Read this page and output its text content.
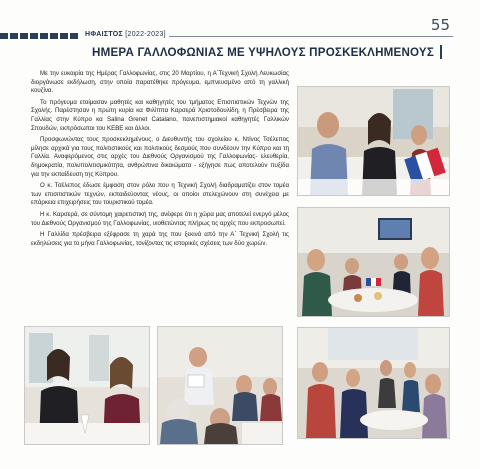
55
ΗΦΑΙΣΤΟΣ [2022-2023]
ΗΜΕΡΑ ΓΑΛΛΟΦΩΝΙΑΣ ΜΕ ΥΨΗΛΟΥΣ ΠΡΟΣΚΕΚΛΗΜΕΝΟΥΣ

Με την ευκαιρία της Ημέρας Γαλλοφωνίας, στις 20 Μαρτίου, η Α΄Τεχνική Σχολή Λευκωσίας διοργάνωσε εκδήλωση, στην οποία παρατέθηκε πρόγευμα, εμπνευσμένο από τη γαλλική κουζίνα.

Το πρόγευμα ετοίμασαν μαθητές και καθηγητές του τμήματος Επισιτιστικών Τεχνών της Σχολής. Παρέστησαν η πρώτη κυρία κα Φιλίππα Καρσερά Χριστοδουλίδη, η Πρέσβειρα της Γαλλίας στην Κύπρο κα Salina Grenet Catalano, πανεπιστημιακοί καθηγητές Γαλλικών Σπουδών, εκπρόσωποι του ΚΕΒΕ και άλλοι.

Προσφωνώντας τους προσκεκλημένους, ο Διευθυντής του σχολείου κ. Ντίνος Τσέλεπος μίλησε αρχικά για τους πολιτιστικούς και πολιτικούς δεσμούς που συνδέουν την Κύπρο και τη Γαλλία. Αναφερόμενος στις αρχές του Διεθνούς Οργανισμού της Γαλλοφωνίας- ελευθερία, δημοκρατία, πολυπολιτισμικότητα, ανθρώπινα δικαιώματα - εξήγησε πως αποτελούν πυξίδα για την εκπαίδευση της Κύπρου.

Ο κ. Τσέλεπος έδωσε έμφαση στον ρόλο που η Τεχνική Σχολή διαδραματίζει στον τομέα των επισιτιστικών τεχνών, εκπαιδεύοντας νέους, οι οποίοι στελεχώνουν στη συνέχεια με επάρκεια επιχειρήσεις του τουριστικού τομέα.

Η κ. Καρσερά, σε σύντομη χαιρετιστική της, ανέφερε ότι η χώρα μας αποτελεί ενεργό μέλος του Διεθνούς Οργανισμού της Γαλλοφωνίας, υιοθετώντας πλήρως τις αρχές που εκπροσωπεί.

Η Γαλλίδα πρέσβειρα εξέφρασε τη χαρά της που ξεκινά από την Α΄ Τεχνική Σχολή τις εκδηλώσεις για το μήνα Γαλλοφωνίας, τονίζοντας τις ιστορικές σχέσεις των δύο χωρών.
